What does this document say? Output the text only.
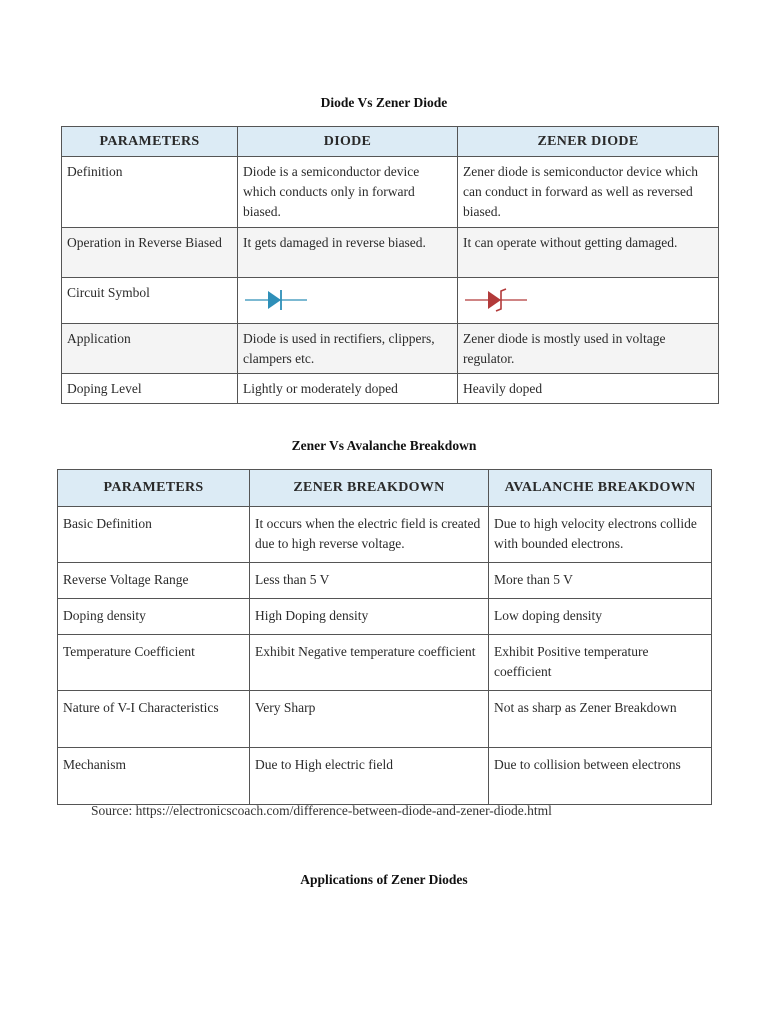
Diode Vs Zener Diode
PARAMETERS	DIODE	ZENER DIODE
Definition	Diode is a semiconductor device which conducts only in forward biased.	Zener diode is semiconductor device which can conduct in forward as well as reversed biased.
Operation in Reverse Biased	It gets damaged in reverse biased.	It can operate without getting damaged.
Circuit Symbol	

Application	Diode is used in rectifiers, clippers, clampers etc.	Zener diode is mostly used in voltage regulator.
Doping Level	Lightly or moderately doped	Heavily doped
Zener Vs Avalanche Breakdown
PARAMETERS	ZENER BREAKDOWN	AVALANCHE BREAKDOWN
Basic Definition	It occurs when the electric field is created due to high reverse voltage.	Due to high velocity electrons collide with bounded electrons.
Reverse Voltage Range	Less than 5 V	More than 5 V
Doping density	High Doping density	Low doping density
Temperature Coefficient	Exhibit Negative temperature coefficient	Exhibit Positive temperature coefficient
Nature of V-I Characteristics	Very Sharp	Not as sharp as Zener Breakdown
Mechanism	Due to High electric field	Due to collision between electrons
Source: https://electronicscoach.com/difference-between-diode-and-zener-diode.html
Applications of Zener Diodes
